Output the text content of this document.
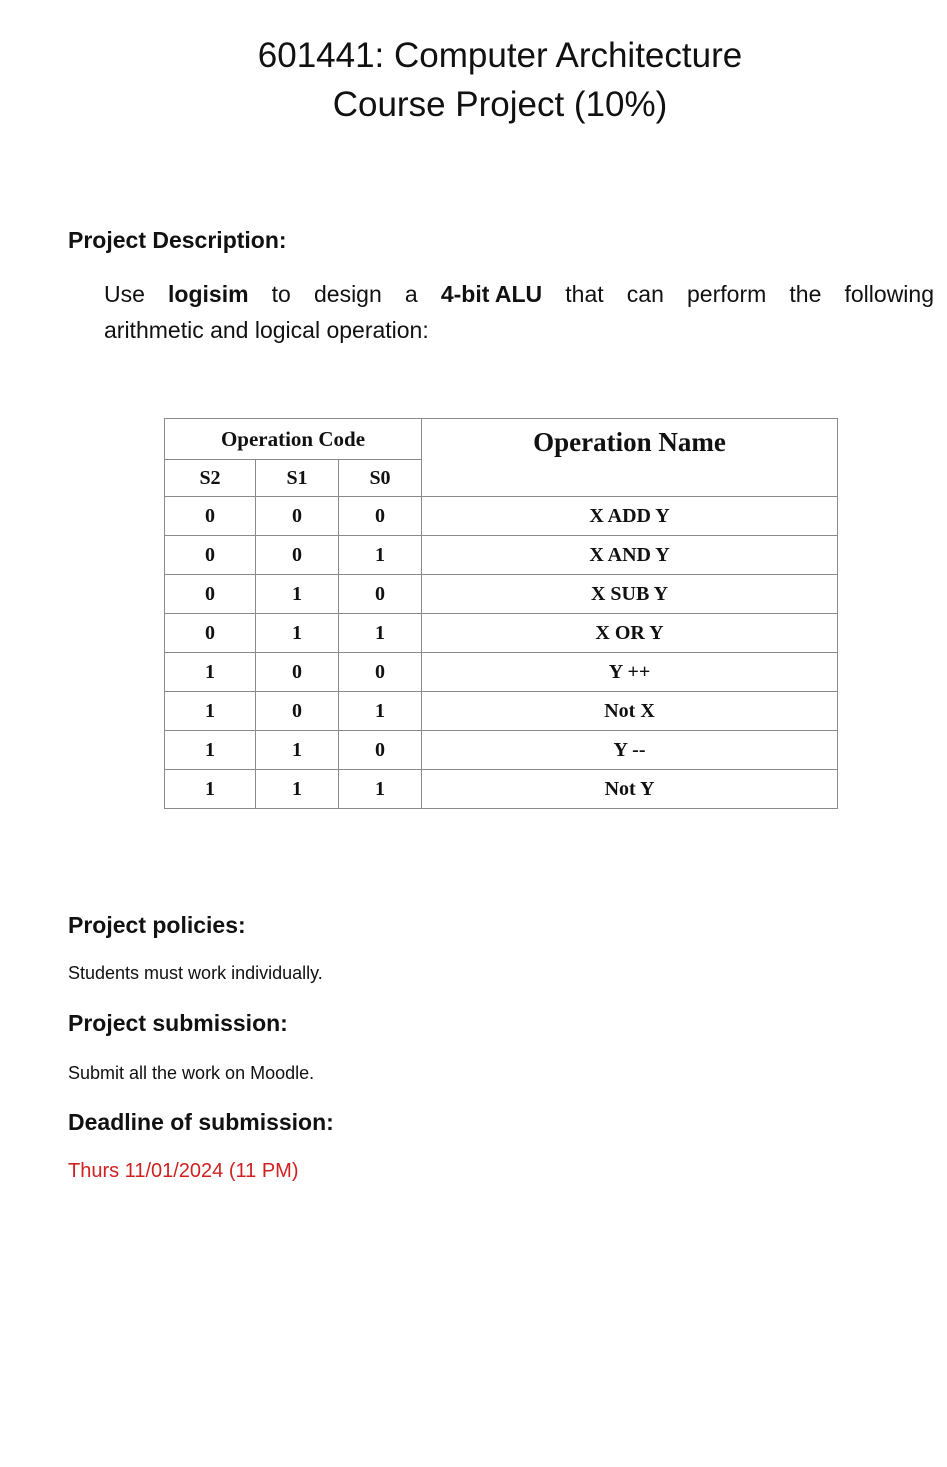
601441: Computer Architecture
Course Project (10%)
Project Description:
Use logisim to design a 4-bit ALU that can perform the following
arithmetic and logical operation:
Operation Code			Operation Name
S2	S1	S0	
0	0	0	X ADD Y
0	0	1	X AND Y
0	1	0	X SUB Y
0	1	1	X OR Y
1	0	0	Y ++
1	0	1	Not X
1	1	0	Y --
1	1	1	Not Y
Project policies:
Students must work individually.
Project submission:
Submit all the work on Moodle.
Deadline of submission:
Thurs 11/01/2024 (11 PM)
